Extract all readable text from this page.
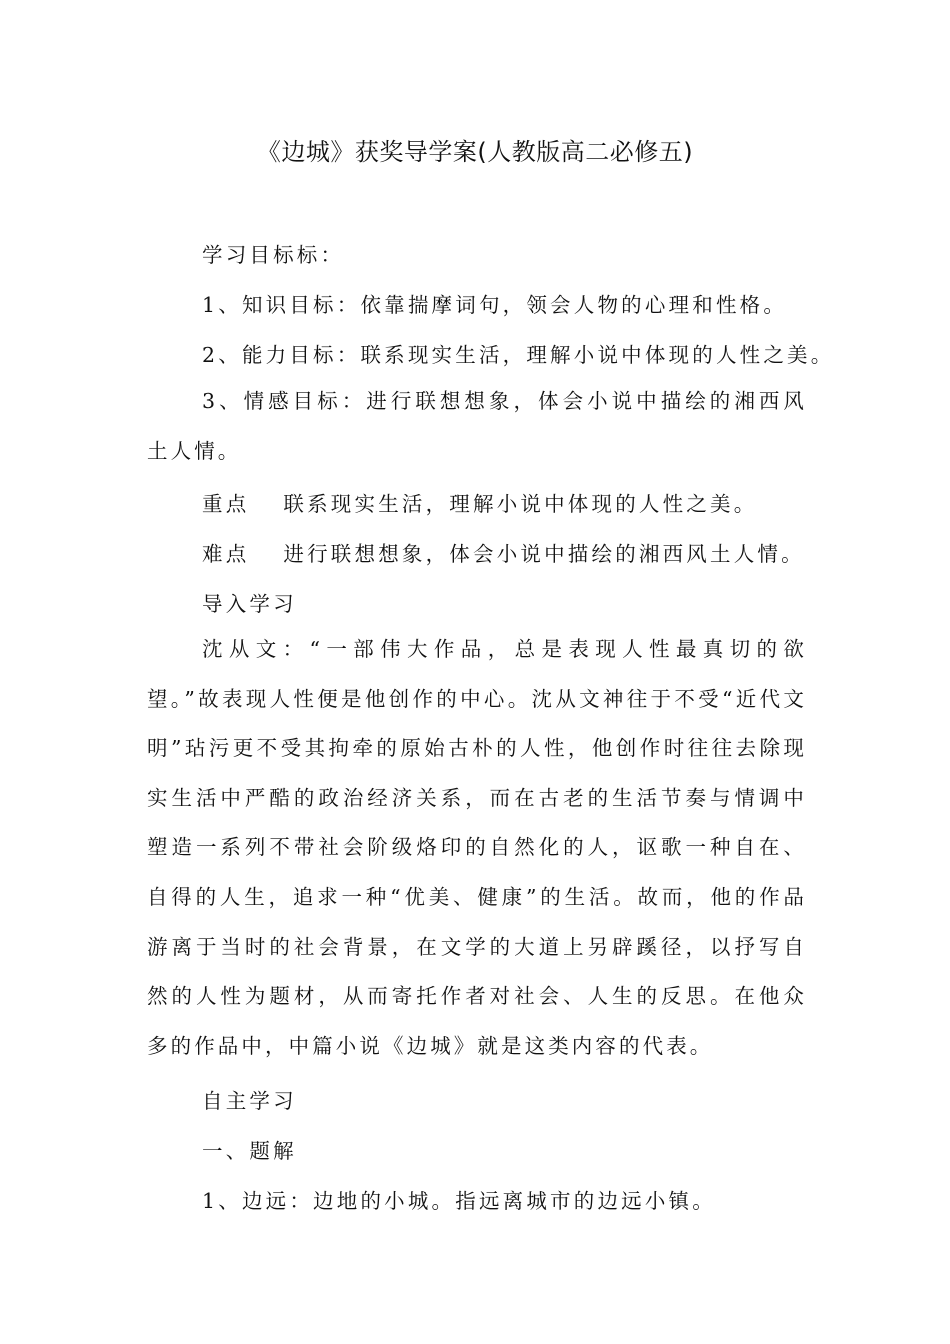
《边城》获奖导学案(人教版高二必修五)
学习目标标：
1、知识目标：依靠揣摩词句，领会人物的心理和性格。
2、能力目标：联系现实生活，理解小说中体现的人性之美。
3、情感目标：进行联想想象，体会小说中描绘的湘西风土人情。
重点 联系现实生活，理解小说中体现的人性之美。
难点 进行联想想象，体会小说中描绘的湘西风土人情。
导入学习
沈从文：“一部伟大作品，总是表现人性最真切的欲望。”故表现人性便是他创作的中心。沈从文神往于不受“近代文明”玷污更不受其拘牵的原始古朴的人性，他创作时往往去除现实生活中严酷的政治经济关系，而在古老的生活节奏与情调中塑造一系列不带社会阶级烙印的自然化的人，讴歌一种自在、自得的人生，追求一种“优美、健康”的生活。故而，他的作品游离于当时的社会背景，在文学的大道上另辟蹊径，以抒写自然的人性为题材，从而寄托作者对社会、人生的反思。在他众多的作品中，中篇小说《边城》就是这类内容的代表。
自主学习
一、题解
1、边远：边地的小城。指远离城市的边远小镇。
